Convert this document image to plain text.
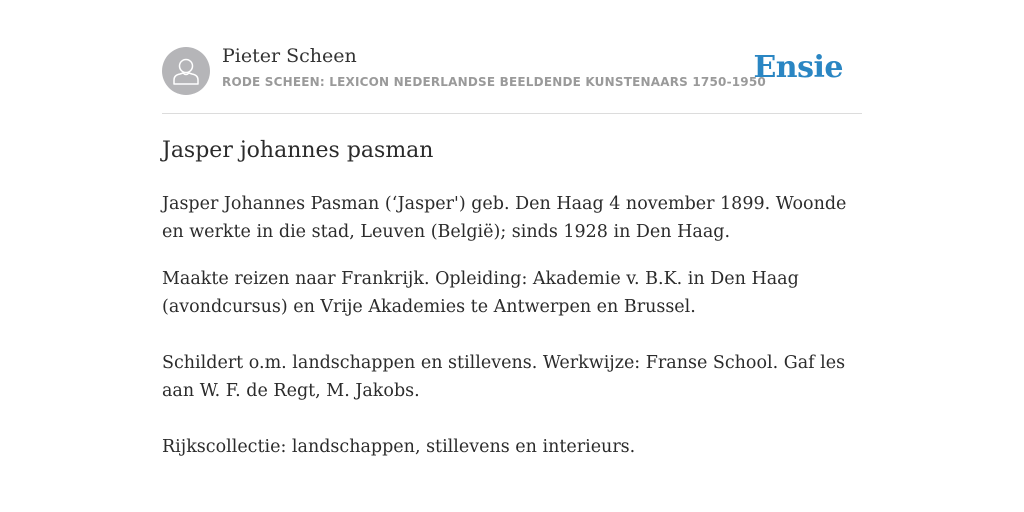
Pieter Scheen
RODE SCHEEN: LEXICON NEDERLANDSE BEELDENDE KUNSTENAARS 1750-1950
Ensie
Jasper johannes pasman

Jasper Johannes Pasman (‘Jasper') geb. Den Haag 4 november 1899. Woonde en werkte in die stad, Leuven (België); sinds 1928 in Den Haag.

Maakte reizen naar Frankrijk. Opleiding: Akademie v. B.K. in Den Haag (avondcursus) en Vrije Akademies te Antwerpen en Brussel.

Schildert o.m. landschappen en stillevens. Werkwijze: Franse School. Gaf les aan W. F. de Regt, M. Jakobs.

Rijkscollectie: landschappen, stillevens en interieurs.
